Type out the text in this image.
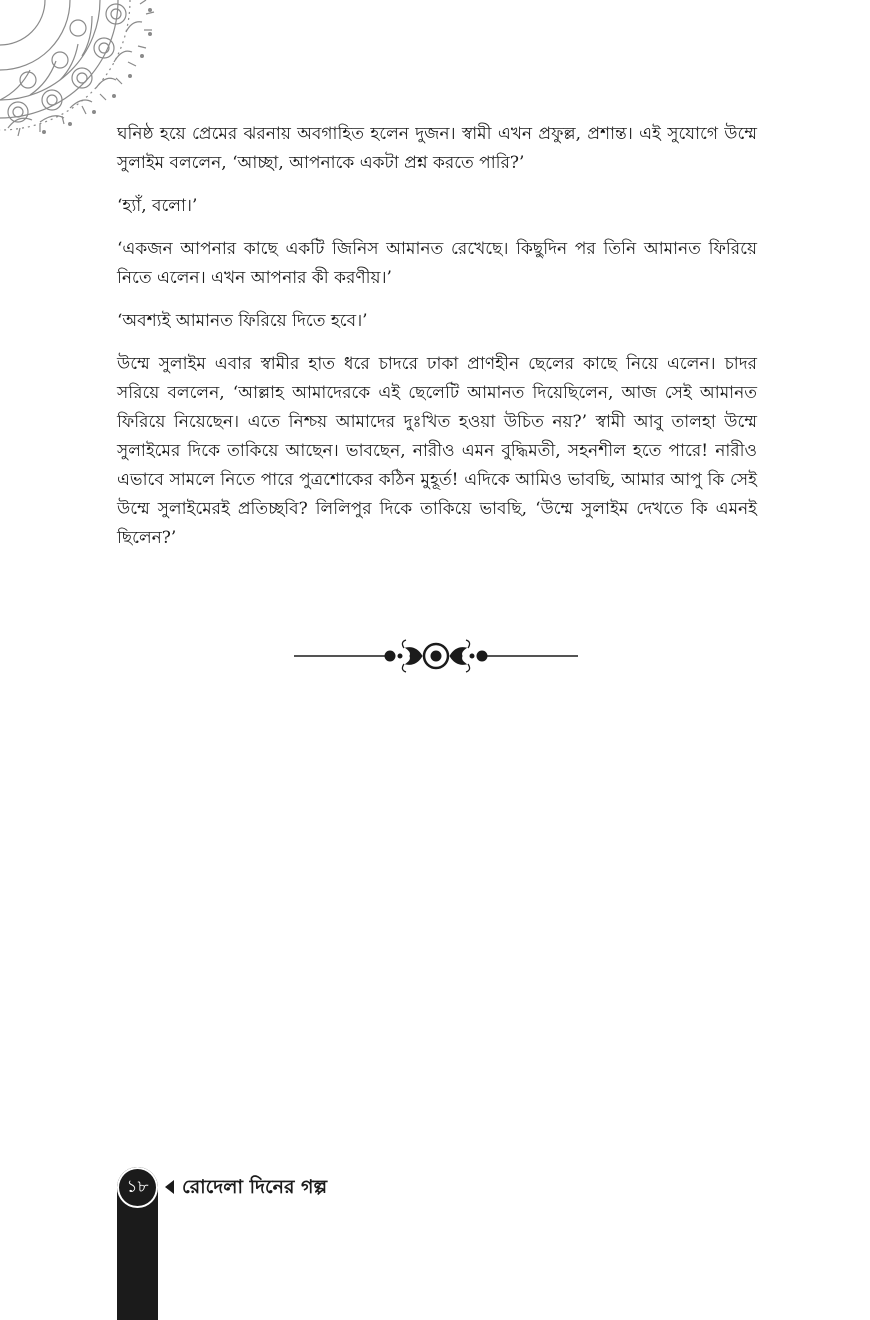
ঘনিষ্ঠ হয়ে প্রেমের ঝরনায় অবগাহিত হলেন দুজন। স্বামী এখন প্রফুল্ল, প্রশান্ত। এই সুযোগে উম্মে সুলাইম বললেন, ‘আচ্ছা, আপনাকে একটা প্রশ্ন করতে পারি?’

‘হ্যাঁ, বলো।’

‘একজন আপনার কাছে একটি জিনিস আমানত রেখেছে। কিছুদিন পর তিনি আমানত ফিরিয়ে নিতে এলেন। এখন আপনার কী করণীয়।’

‘অবশ্যই আমানত ফিরিয়ে দিতে হবে।’

উম্মে সুলাইম এবার স্বামীর হাত ধরে চাদরে ঢাকা প্রাণহীন ছেলের কাছে নিয়ে এলেন। চাদর সরিয়ে বললেন, ‘আল্লাহ আমাদেরকে এই ছেলেটি আমানত দিয়েছিলেন, আজ সেই আমানত ফিরিয়ে নিয়েছেন। এতে নিশ্চয় আমাদের দুঃখিত হওয়া উচিত নয়?’ স্বামী আবু তালহা উম্মে সুলাইমের দিকে তাকিয়ে আছেন। ভাবছেন, নারীও এমন বুদ্ধিমতী, সহনশীল হতে পারে! নারীও এভাবে সামলে নিতে পারে পুত্রশোকের কঠিন মুহূর্ত! এদিকে আমিও ভাবছি, আমার আপু কি সেই উম্মে সুলাইমেরই প্রতিচ্ছবি? লিলিপুর দিকে তাকিয়ে ভাবছি, ‘উম্মে সুলাইম দেখতে কি এমনই ছিলেন?’

১৮	রোদেলা দিনের গল্প
